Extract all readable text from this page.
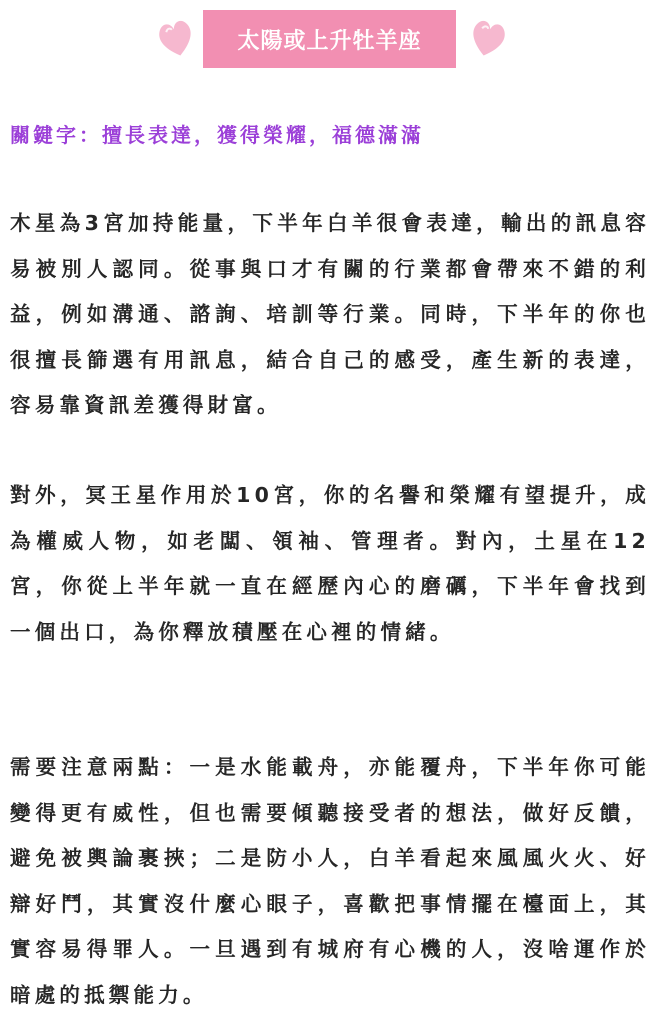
太陽或上升牡羊座
關鍵字：擅長表達，獲得榮耀，福德滿滿

木星為3宮加持能量，下半年白羊很會表達，輸出的訊息容易被別人認同。從事與口才有關的行業都會帶來不錯的利益，例如溝通、諮詢、培訓等行業。同時，下半年的你也很擅長篩選有用訊息，結合自己的感受，產生新的表達，容易靠資訊差獲得財富。

對外，冥王星作用於10宮，你的名譽和榮耀有望提升，成為權威人物，如老闆、領袖、管理者。對內，土星在12宮，你從上半年就一直在經歷內心的磨礪，下半年會找到一個出口，為你釋放積壓在心裡的情緒。

需要注意兩點：一是水能載舟，亦能覆舟，下半年你可能變得更有威性，但也需要傾聽接受者的想法，做好反饋，避免被輿論裹挾；二是防小人，白羊看起來風風火火、好辯好鬥，其實沒什麼心眼子，喜歡把事情擺在檯面上，其實容易得罪人。一旦遇到有城府有心機的人，沒啥運作於暗處的抵禦能力。
